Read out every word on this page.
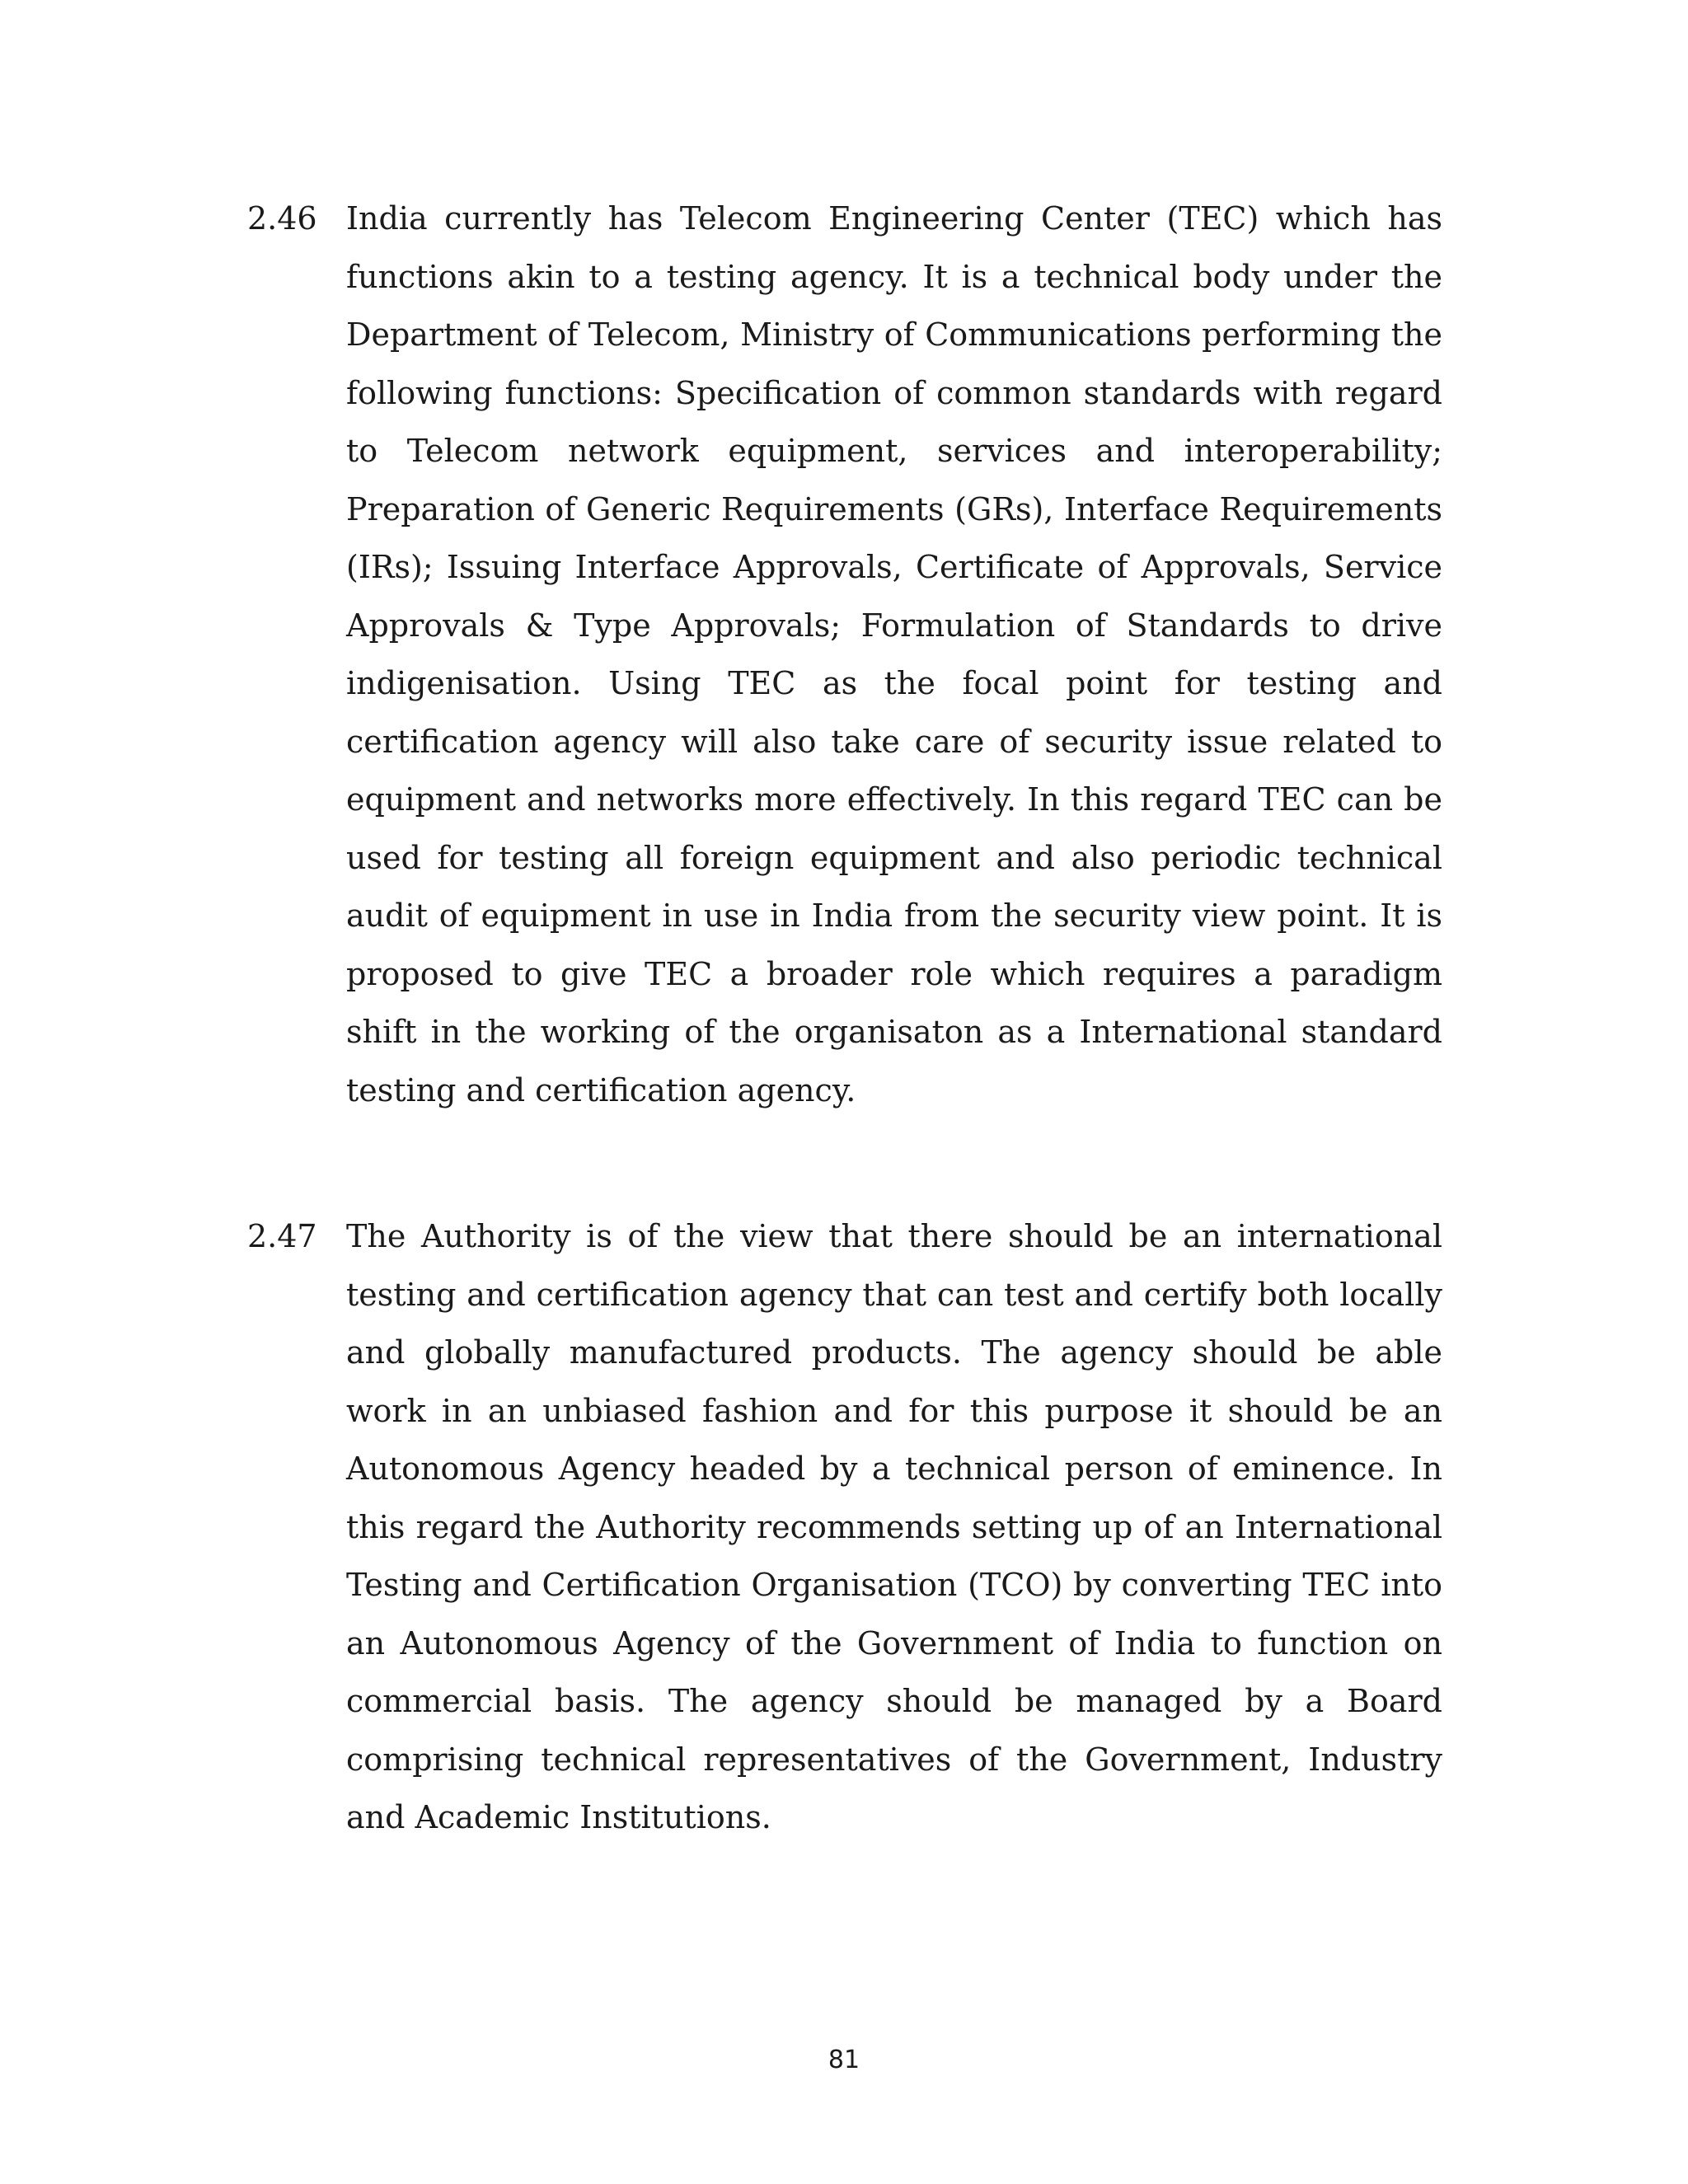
2.46 India currently has Telecom Engineering Center (TEC) which has functions akin to a testing agency. It is a technical body under the Department of Telecom, Ministry of Communications performing the following functions: Specification of common standards with regard to Telecom network equipment, services and interoperability; Preparation of Generic Requirements (GRs), Interface Requirements (IRs); Issuing Interface Approvals, Certificate of Approvals, Service Approvals & Type Approvals; Formulation of Standards to drive indigenisation. Using TEC as the focal point for testing and certification agency will also take care of security issue related to equipment and networks more effectively. In this regard TEC can be used for testing all foreign equipment and also periodic technical audit of equipment in use in India from the security view point. It is proposed to give TEC a broader role which requires a paradigm shift in the working of the organisaton as a International standard testing and certification agency.
2.47 The Authority is of the view that there should be an international testing and certification agency that can test and certify both locally and globally manufactured products. The agency should be able work in an unbiased fashion and for this purpose it should be an Autonomous Agency headed by a technical person of eminence. In this regard the Authority recommends setting up of an International Testing and Certification Organisation (TCO) by converting TEC into an Autonomous Agency of the Government of India to function on commercial basis. The agency should be managed by a Board comprising technical representatives of the Government, Industry and Academic Institutions.
81
